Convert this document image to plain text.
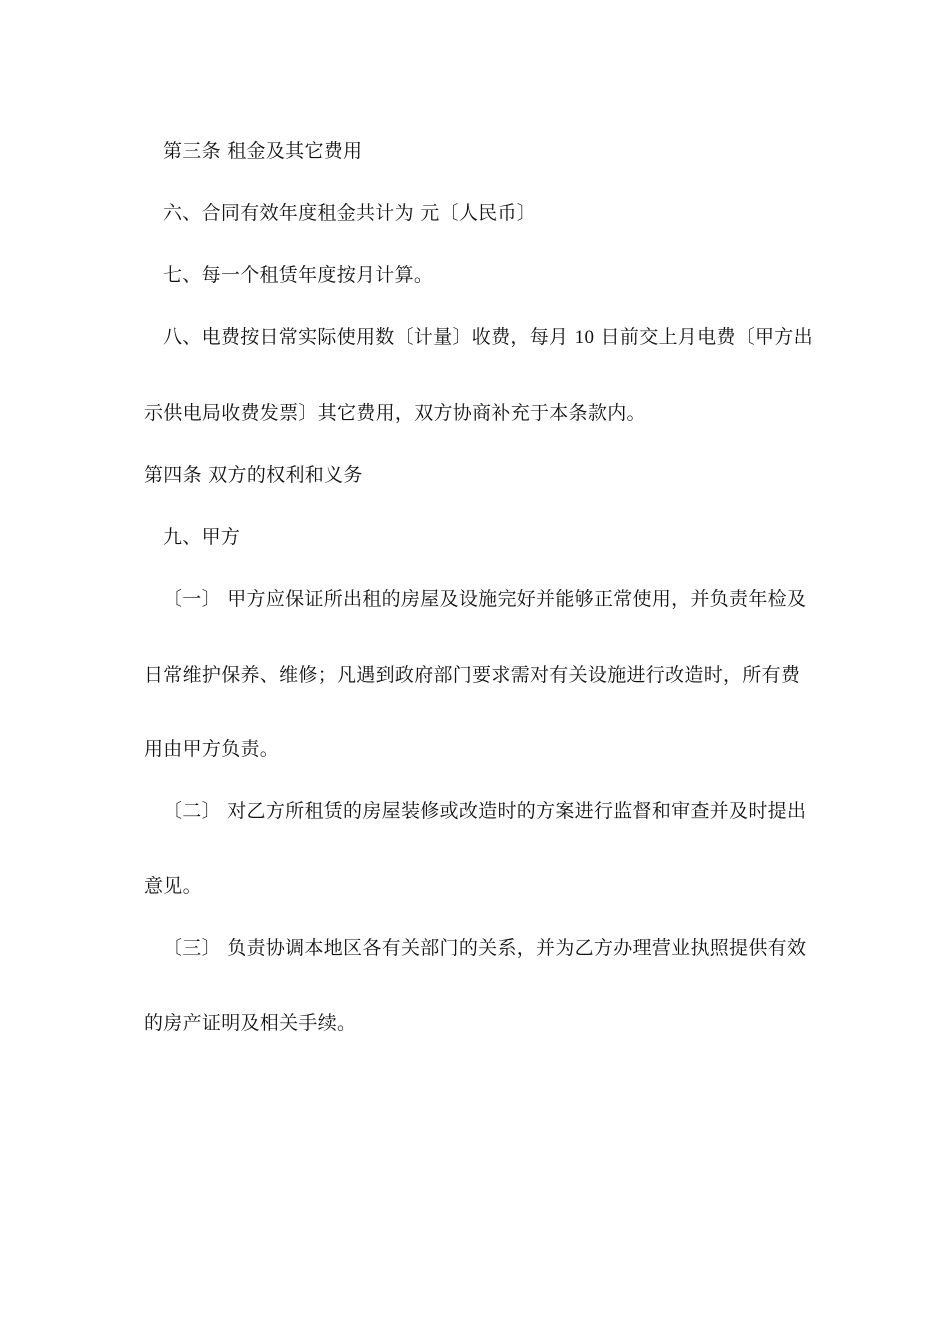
第三条 租金及其它费用
六、合同有效年度租金共计为 元〔人民币〕
七、每一个租赁年度按月计算。
八、电费按日常实际使用数〔计量〕收费，每月 10 日前交上月电费〔甲方出
示供电局收费发票〕其它费用，双方协商补充于本条款内。
第四条 双方的权利和义务
九、甲方
〔一〕 甲方应保证所出租的房屋及设施完好并能够正常使用，并负责年检及
日常维护保养、维修；凡遇到政府部门要求需对有关设施进行改造时，所有费
用由甲方负责。
〔二〕 对乙方所租赁的房屋装修或改造时的方案进行监督和审查并及时提出
意见。
〔三〕 负责协调本地区各有关部门的关系，并为乙方办理营业执照提供有效
的房产证明及相关手续。
